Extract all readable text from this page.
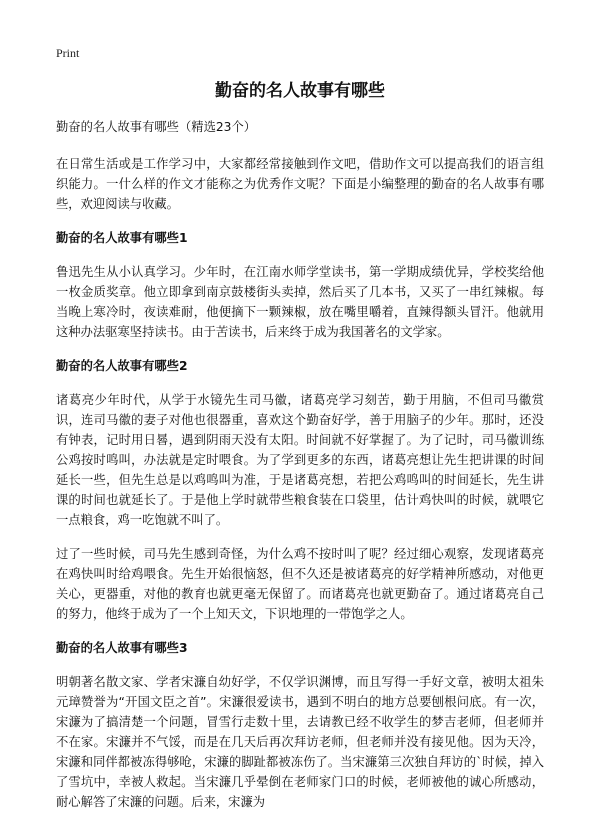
Print
勤奋的名人故事有哪些

勤奋的名人故事有哪些（精选23个）

在日常生活或是工作学习中，大家都经常接触到作文吧，借助作文可以提高我们的语言组织能力。一什么样的作文才能称之为优秀作文呢？下面是小编整理的勤奋的名人故事有哪些，欢迎阅读与收藏。

勤奋的名人故事有哪些1

鲁迅先生从小认真学习。少年时，在江南水师学堂读书，第一学期成绩优异，学校奖给他一枚金质奖章。他立即拿到南京鼓楼街头卖掉，然后买了几本书，又买了一串红辣椒。每当晚上寒冷时，夜读难耐，他便摘下一颗辣椒，放在嘴里嚼着，直辣得额头冒汗。他就用这种办法驱寒坚持读书。由于苦读书，后来终于成为我国著名的文学家。

勤奋的名人故事有哪些2

诸葛亮少年时代，从学于水镜先生司马徽，诸葛亮学习刻苦，勤于用脑，不但司马徽赏识，连司马徽的妻子对他也很器重，喜欢这个勤奋好学，善于用脑子的少年。那时，还没有钟表，记时用日晷，遇到阴雨天没有太阳。时间就不好掌握了。为了记时，司马徽训练公鸡按时鸣叫，办法就是定时喂食。为了学到更多的东西，诸葛亮想让先生把讲课的时间延长一些，但先生总是以鸡鸣叫为准，于是诸葛亮想，若把公鸡鸣叫的时间延长，先生讲课的时间也就延长了。于是他上学时就带些粮食装在口袋里，估计鸡快叫的时候，就喂它一点粮食，鸡一吃饱就不叫了。

过了一些时候，司马先生感到奇怪，为什么鸡不按时叫了呢？经过细心观察，发现诸葛亮在鸡快叫时给鸡喂食。先生开始很恼怒，但不久还是被诸葛亮的好学精神所感动，对他更关心，更器重，对他的教育也就更毫无保留了。而诸葛亮也就更勤奋了。通过诸葛亮自己的努力，他终于成为了一个上知天文，下识地理的一带饱学之人。

勤奋的名人故事有哪些3

明朝著名散文家、学者宋濂自幼好学，不仅学识渊博，而且写得一手好文章，被明太祖朱元璋赞誉为“开国文臣之首”。宋濂很爱读书，遇到不明白的地方总要刨根问底。有一次，宋濂为了搞清楚一个问题，冒雪行走数十里，去请教已经不收学生的梦吉老师，但老师并不在家。宋濂并不气馁，而是在几天后再次拜访老师，但老师并没有接见他。因为天冷，宋濂和同伴都被冻得够呛，宋濂的脚趾都被冻伤了。当宋濂第三次独自拜访的`时候，掉入了雪坑中，幸被人救起。当宋濂几乎晕倒在老师家门口的时候，老师被他的诚心所感动，耐心解答了宋濂的问题。后来，宋濂为
